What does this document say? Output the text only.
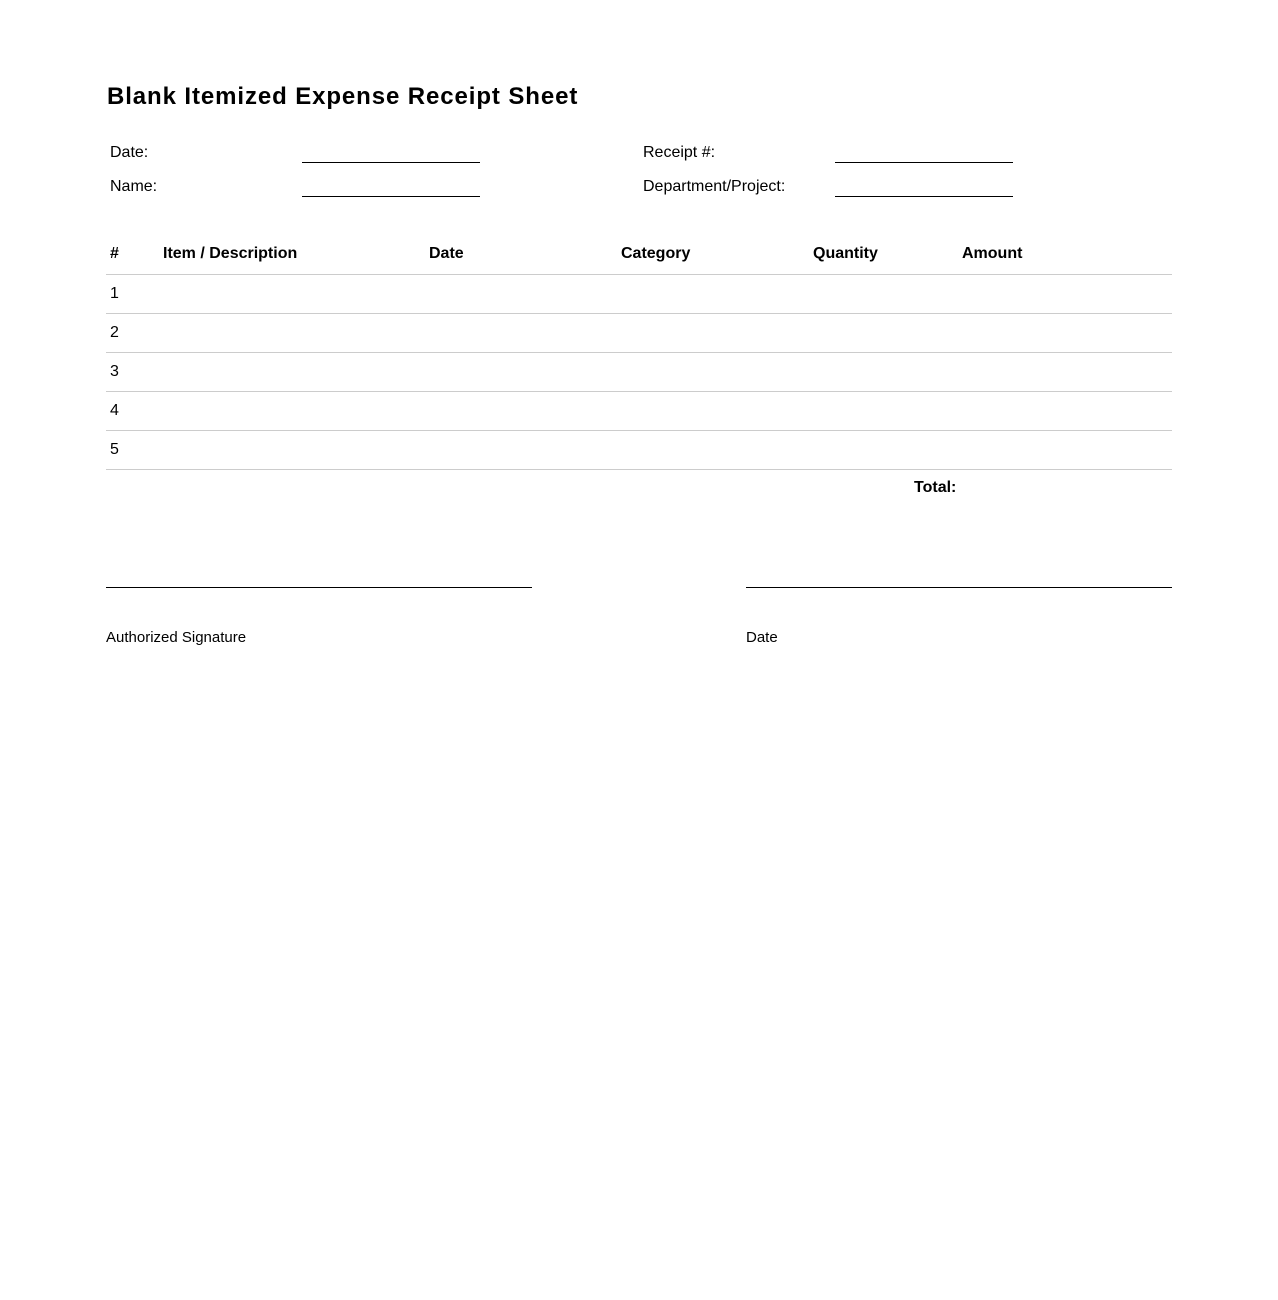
Blank Itemized Expense Receipt Sheet
Date:
Name:
Receipt #:
Department/Project:
#	Item / Description	Date	Category	Quantity	Amount
1					
2					
3					
4					
5					
Total:
Authorized Signature	Date
